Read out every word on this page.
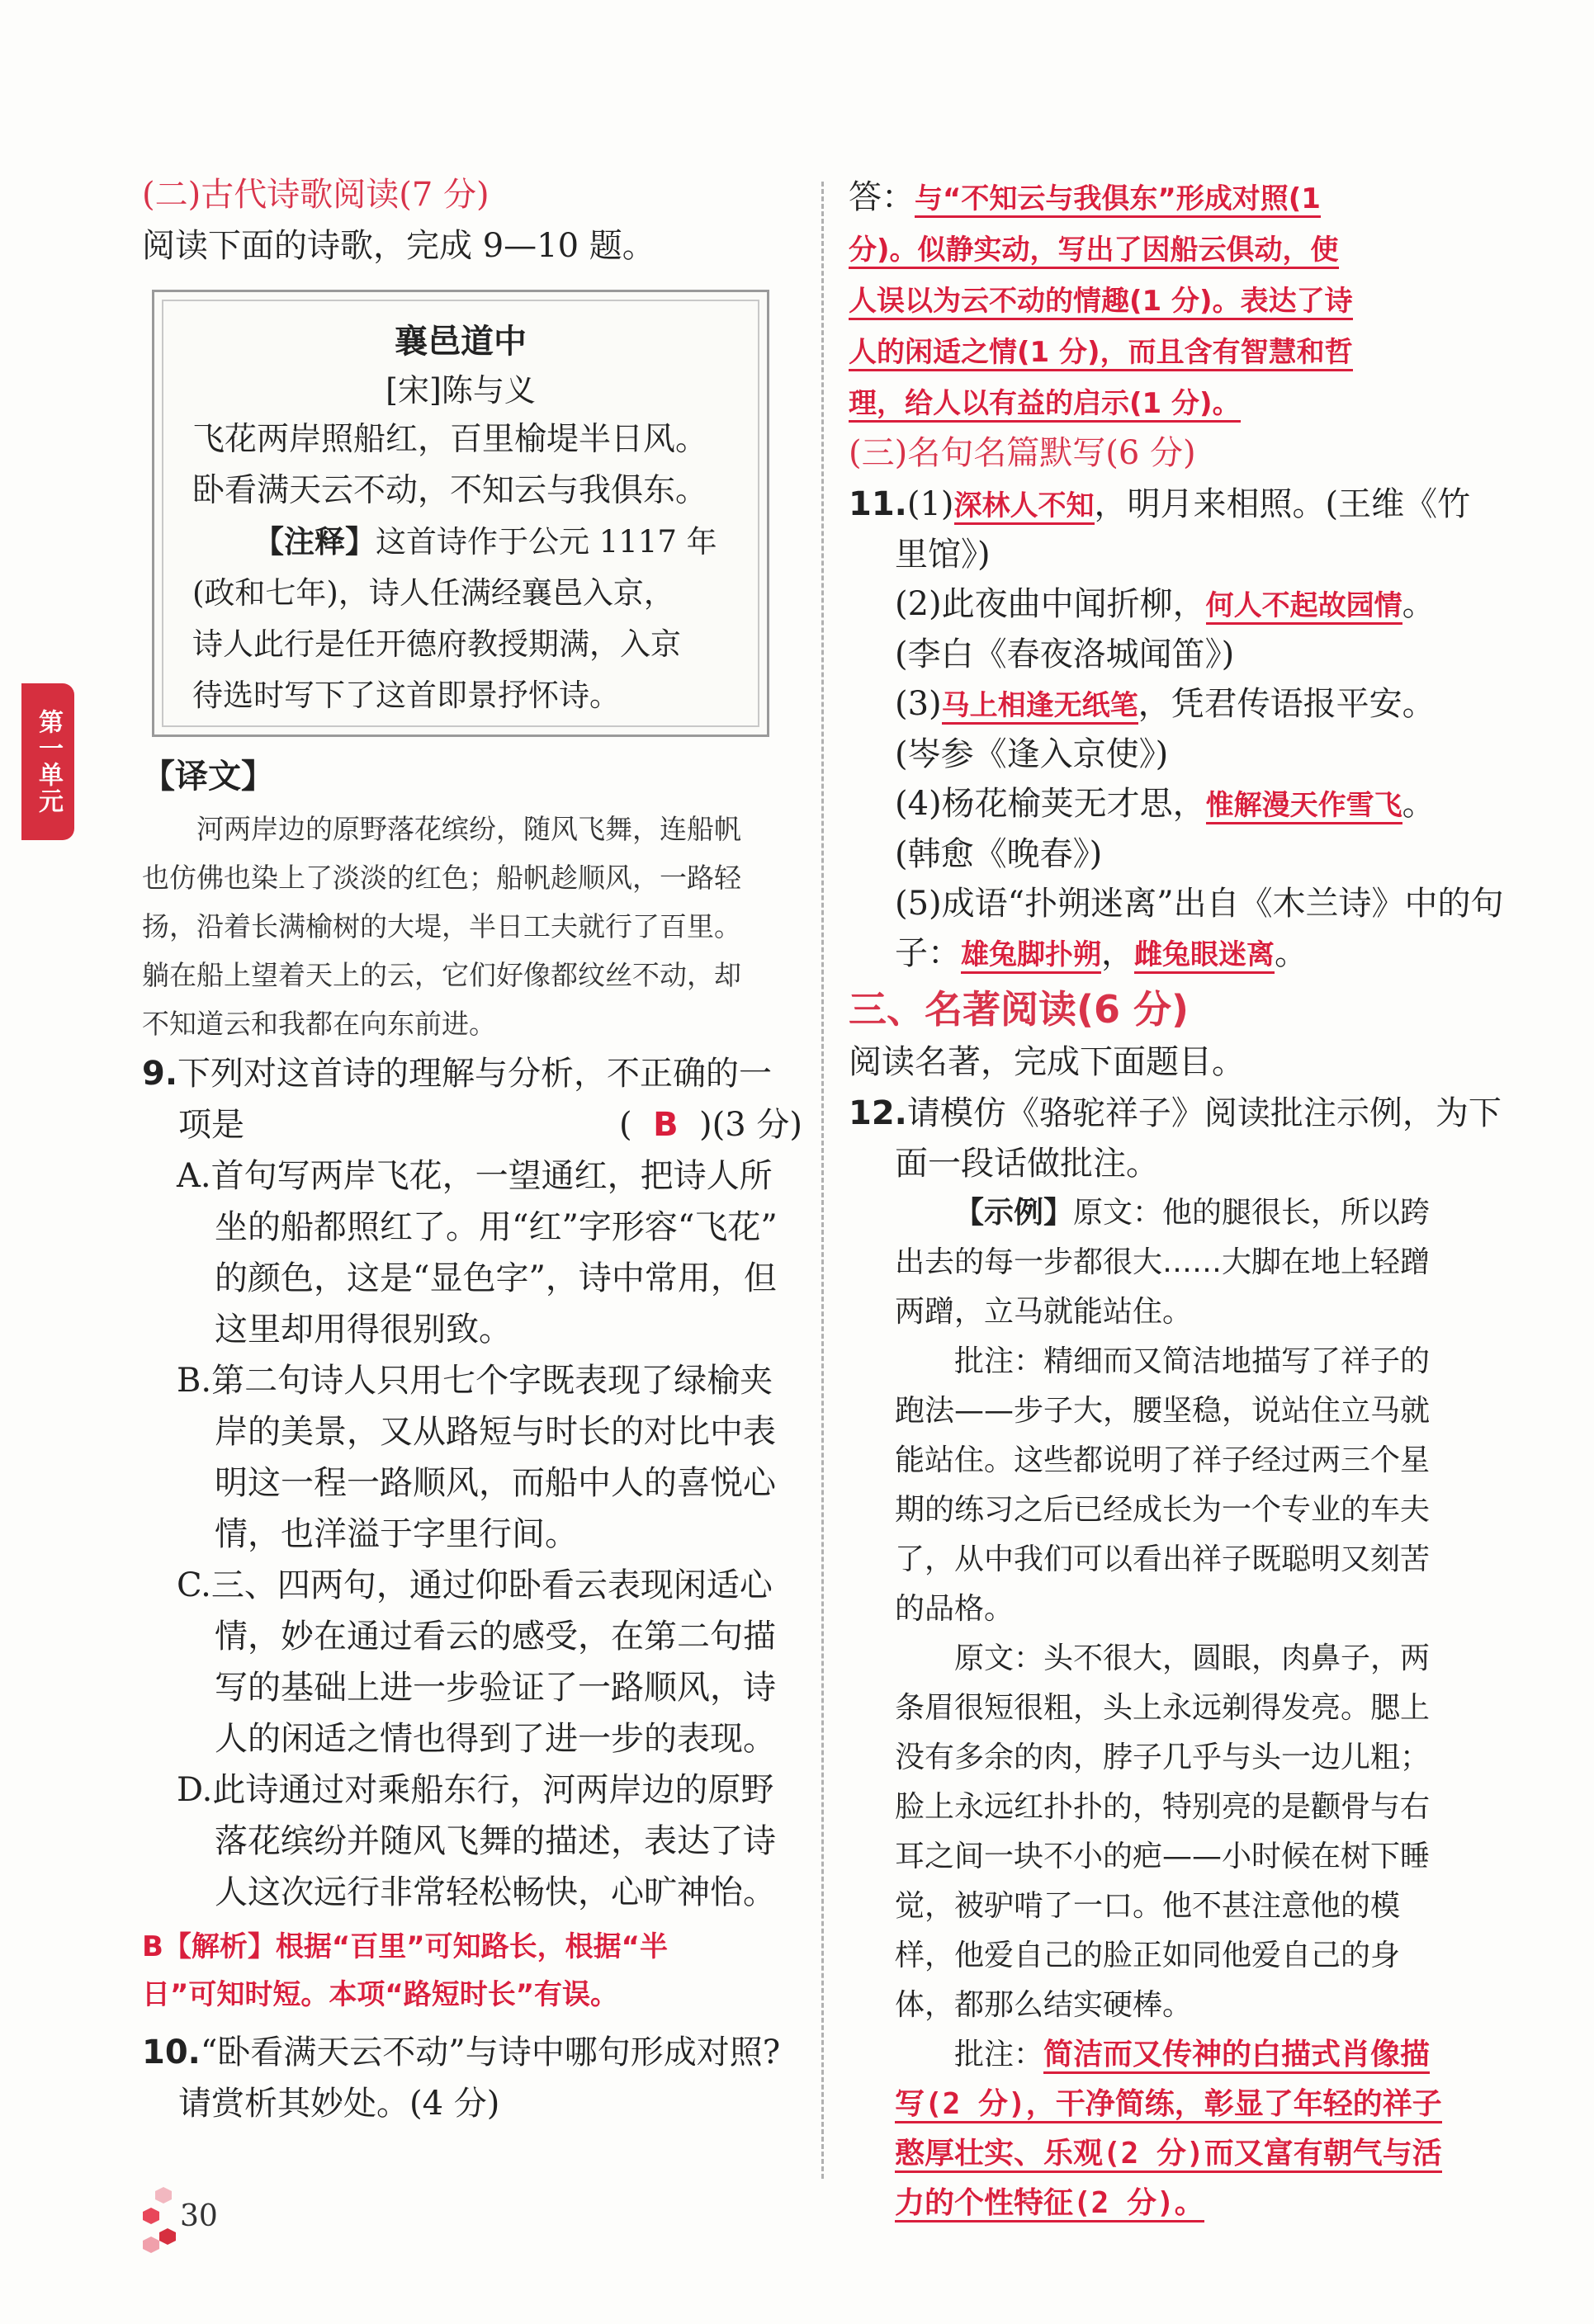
第一单元

(二)古代诗歌阅读(7 分)

阅读下面的诗歌，完成 9—10 题。

襄邑道中

[宋]陈与义

飞花两岸照船红，百里榆堤半日风。

卧看满天云不动，不知云与我俱东。

【注释】这首诗作于公元 1117 年

(政和七年)，诗人任满经襄邑入京，

诗人此行是任开德府教授期满，入京

待选时写下了这首即景抒怀诗。

【译文】

河两岸边的原野落花缤纷，随风飞舞，连船帆

也仿佛也染上了淡淡的红色；船帆趁顺风，一路轻

扬，沿着长满榆树的大堤，半日工夫就行了百里。

躺在船上望着天上的云，它们好像都纹丝不动，却

不知道云和我都在向东前进。

9.下列对这首诗的理解与分析，不正确的一

项是	( B )(3 分)

A.首句写两岸飞花，一望通红，把诗人所

坐的船都照红了。用“红”字形容“飞花”

的颜色，这是“显色字”，诗中常用，但

这里却用得很别致。

B.第二句诗人只用七个字既表现了绿榆夹

岸的美景，又从路短与时长的对比中表

明这一程一路顺风，而船中人的喜悦心

情，也洋溢于字里行间。

C.三、四两句，通过仰卧看云表现闲适心

情，妙在通过看云的感受，在第二句描

写的基础上进一步验证了一路顺风，诗

人的闲适之情也得到了进一步的表现。

D.此诗通过对乘船东行，河两岸边的原野

落花缤纷并随风飞舞的描述，表达了诗

人这次远行非常轻松畅快，心旷神怡。

B【解析】根据“百里”可知路长，根据“半
日”可知时短。本项“路短时长”有误。

10.“卧看满天云不动”与诗中哪句形成对照?

请赏析其妙处。(4 分)

答：与“不知云与我俱东”形成对照(1

分)。似静实动，写出了因船云俱动，使

人误以为云不动的情趣(1 分)。表达了诗

人的闲适之情(1 分)，而且含有智慧和哲

理，给人以有益的启示(1 分)。

(三)名句名篇默写(6 分)

11.(1)深林人不知，明月来相照。(王维《竹

里馆》)

(2)此夜曲中闻折柳，何人不起故园情。

(李白《春夜洛城闻笛》)

(3)马上相逢无纸笔，凭君传语报平安。

(岑参《逢入京使》)

(4)杨花榆荚无才思，惟解漫天作雪飞。

(韩愈《晚春》)

(5)成语“扑朔迷离”出自《木兰诗》中的句

子：雄兔脚扑朔，雌兔眼迷离。

三、名著阅读(6 分)

阅读名著，完成下面题目。

12.请模仿《骆驼祥子》阅读批注示例，为下

面一段话做批注。

【示例】原文：他的腿很长，所以跨

出去的每一步都很大……大脚在地上轻蹭

两蹭，立马就能站住。

批注：精细而又简洁地描写了祥子的

跑法——步子大，腰坚稳，说站住立马就

能站住。这些都说明了祥子经过两三个星

期的练习之后已经成长为一个专业的车夫

了，从中我们可以看出祥子既聪明又刻苦

的品格。

原文：头不很大，圆眼，肉鼻子，两

条眉很短很粗，头上永远剃得发亮。腮上

没有多余的肉，脖子几乎与头一边儿粗；

脸上永远红扑扑的，特别亮的是颧骨与右

耳之间一块不小的疤——小时候在树下睡

觉，被驴啃了一口。他不甚注意他的模

样，他爱自己的脸正如同他爱自己的身

体，都那么结实硬棒。

批注：简洁而又传神的白描式肖像描

写(2 分)，干净简练，彰显了年轻的祥子

憨厚壮实、乐观(2 分)而又富有朝气与活

力的个性特征(2 分)。

30
